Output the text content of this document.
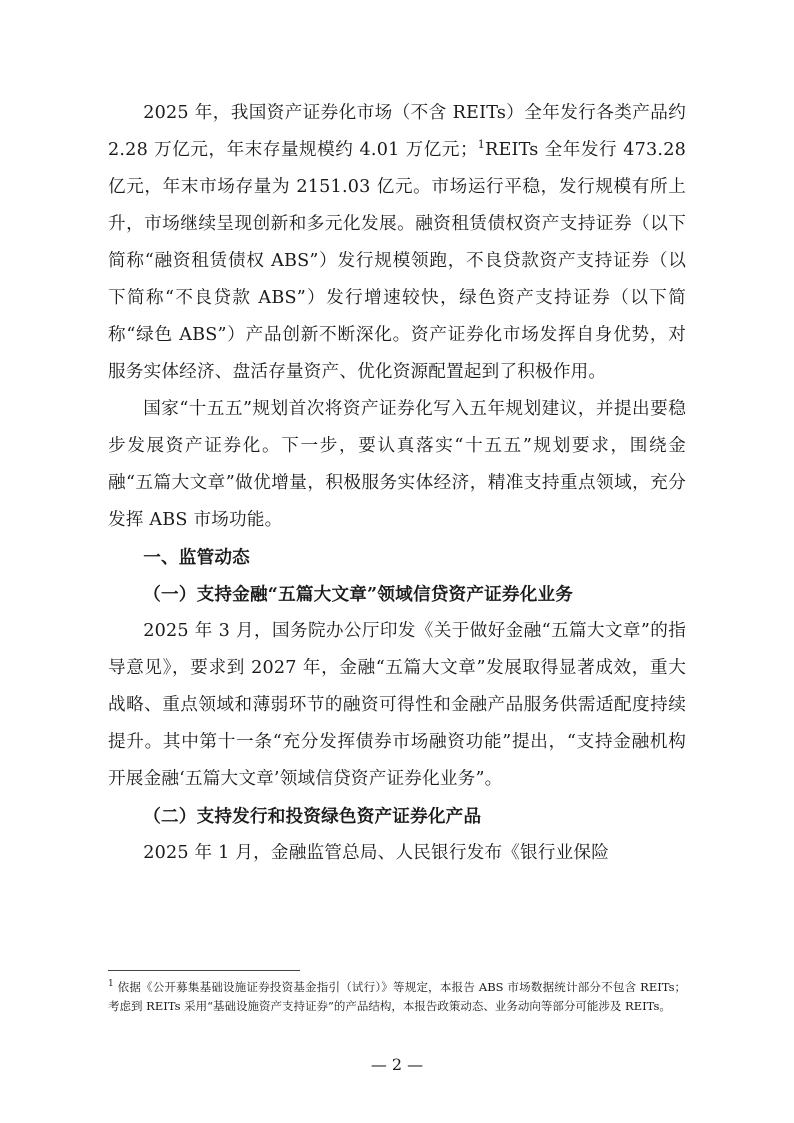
2025 年，我国资产证券化市场（不含 REITs）全年发行各类产品约 2.28 万亿元，年末存量规模约 4.01 万亿元；$^1$REITs 全年发行 473.28 亿元，年末市场存量为 2151.03 亿元。市场运行平稳，发行规模有所上升，市场继续呈现创新和多元化发展。融资租赁债权资产支持证券（以下简称“融资租赁债权 ABS”）发行规模领跑，不良贷款资产支持证券（以下简称“不良贷款 ABS”）发行增速较快，绿色资产支持证券（以下简称“绿色 ABS”）产品创新不断深化。资产证券化市场发挥自身优势，对服务实体经济、盘活存量资产、优化资源配置起到了积极作用。

国家“十五五”规划首次将资产证券化写入五年规划建议，并提出要稳步发展资产证券化。下一步，要认真落实“十五五”规划要求，围绕金融“五篇大文章”做优增量，积极服务实体经济，精准支持重点领域，充分发挥 ABS 市场功能。

一、监管动态

（一）支持金融“五篇大文章”领域信贷资产证券化业务

2025 年 3 月，国务院办公厅印发《关于做好金融“五篇大文章”的指导意见》，要求到 2027 年，金融“五篇大文章”发展取得显著成效，重大战略、重点领域和薄弱环节的融资可得性和金融产品服务供需适配度持续提升。其中第十一条“充分发挥债券市场融资功能”提出，“支持金融机构开展金融‘五篇大文章’领域信贷资产证券化业务”。

（二）支持发行和投资绿色资产证券化产品

2025 年 1 月，金融监管总局、人民银行发布《银行业保险

$^1$ 依据《公开募集基础设施证券投资基金指引（试行）》等规定，本报告 ABS 市场数据统计部分不包含 REITs；考虑到 REITs 采用“基础设施资产支持证券”的产品结构，本报告政策动态、业务动向等部分可能涉及 REITs。

— 2 —
